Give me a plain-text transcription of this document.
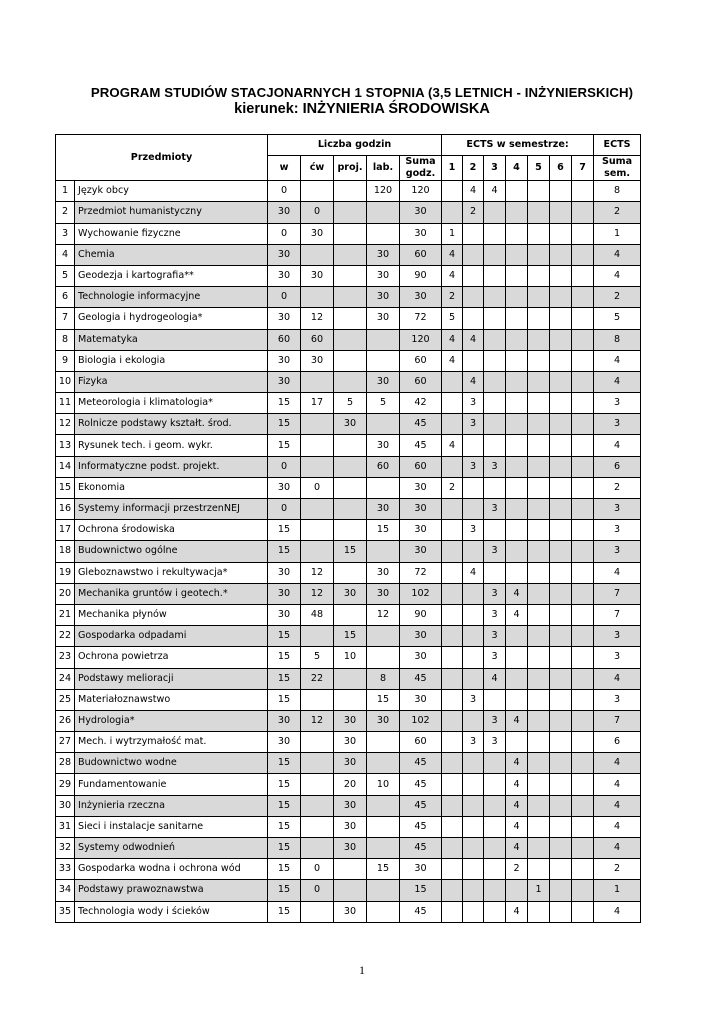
PROGRAM STUDIÓW STACJONARNYCH 1 STOPNIA (3,5 LETNICH - INŻYNIERSKICH)
kierunek: INŻYNIERIA ŚRODOWISKA
Przedmioty		Liczba godzin					ECTS w semestrze:							ECTS
		w	ćw	proj.	lab.	Suma godz.	1	2	3	4	5	6	7	Suma sem.
1	Język obcy	0			120	120		4	4					8
2	Przedmiot humanistyczny	30	0			30		2						2
3	Wychowanie fizyczne	0	30			30	1							1
4	Chemia	30			30	60	4							4
5	Geodezja i kartografia**	30	30		30	90	4							4
6	Technologie informacyjne	0			30	30	2							2
7	Geologia i hydrogeologia*	30	12		30	72	5							5
8	Matematyka	60	60			120	4	4						8
9	Biologia i ekologia	30	30			60	4							4
10	Fizyka	30			30	60		4						4
11	Meteorologia i klimatologia*	15	17	5	5	42		3						3
12	Rolnicze podstawy kształt. środ.	15		30		45		3						3
13	Rysunek tech. i geom. wykr.	15			30	45	4							4
14	Informatyczne podst. projekt.	0			60	60		3	3					6
15	Ekonomia	30	0			30	2							2
16	Systemy informacji przestrzenNEJ	0			30	30			3					3
17	Ochrona środowiska	15			15	30		3						3
18	Budownictwo ogólne	15		15		30			3					3
19	Gleboznawstwo i rekultywacja*	30	12		30	72		4						4
20	Mechanika gruntów i geotech.*	30	12	30	30	102			3	4				7
21	Mechanika płynów	30	48		12	90			3	4				7
22	Gospodarka odpadami	15		15		30			3					3
23	Ochrona powietrza	15	5	10		30			3					3
24	Podstawy melioracji	15	22		8	45			4					4
25	Materiałoznawstwo	15			15	30		3						3
26	Hydrologia*	30	12	30	30	102			3	4				7
27	Mech. i wytrzymałość mat.	30		30		60		3	3					6
28	Budownictwo wodne	15		30		45				4				4
29	Fundamentowanie	15		20	10	45				4				4
30	Inżynieria rzeczna	15		30		45				4				4
31	Sieci i instalacje sanitarne	15		30		45				4				4
32	Systemy odwodnień	15		30		45				4				4
33	Gospodarka wodna i ochrona wód	15	0		15	30				2				2
34	Podstawy prawoznawstwa	15	0			15					1			1
35	Technologia wody i ścieków	15		30		45				4				4
1
